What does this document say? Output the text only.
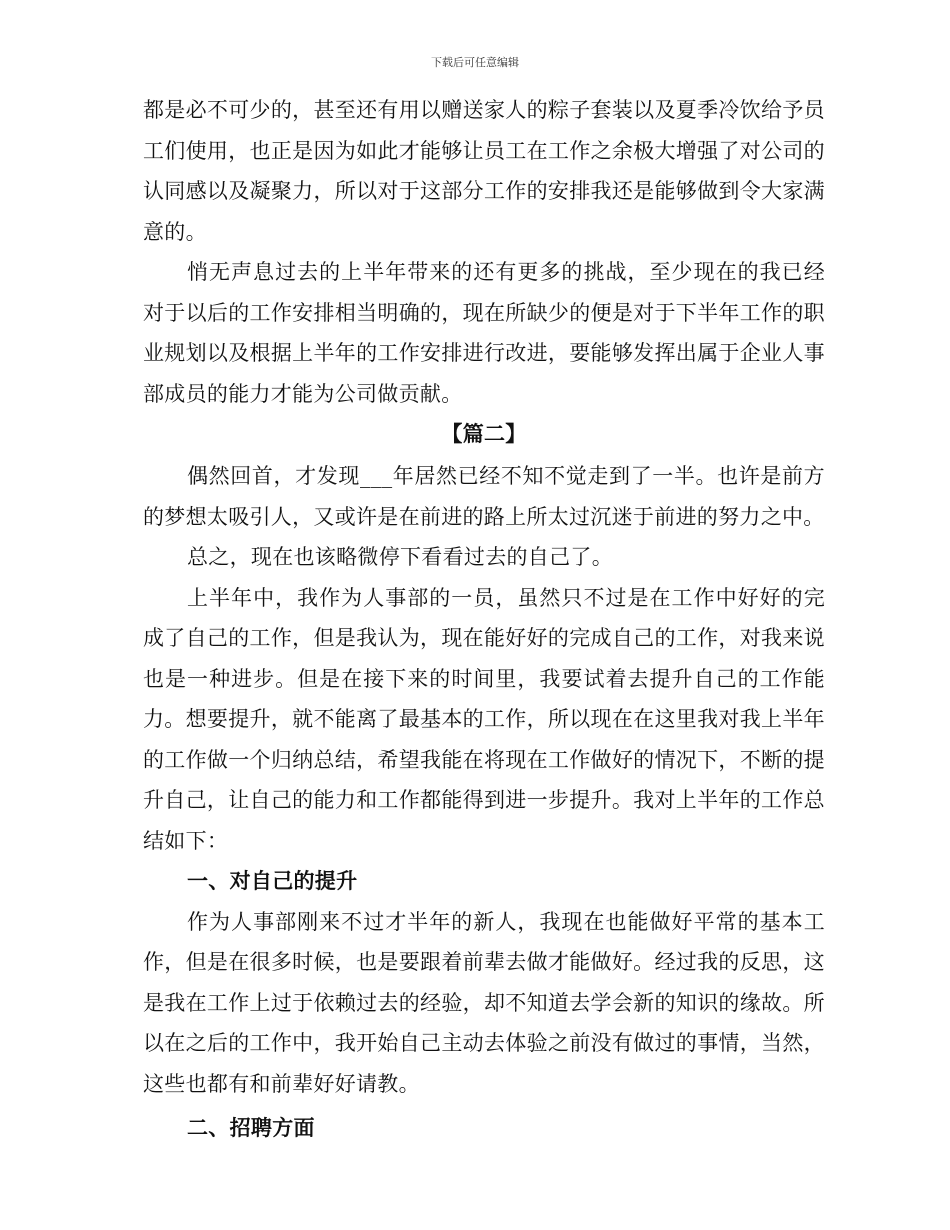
下载后可任意编辑

都是必不可少的，甚至还有用以赠送家人的粽子套装以及夏季冷饮给予员工们使用，也正是因为如此才能够让员工在工作之余极大增强了对公司的认同感以及凝聚力，所以对于这部分工作的安排我还是能够做到令大家满意的。

悄无声息过去的上半年带来的还有更多的挑战，至少现在的我已经对于以后的工作安排相当明确的，现在所缺少的便是对于下半年工作的职业规划以及根据上半年的工作安排进行改进，要能够发挥出属于企业人事部成员的能力才能为公司做贡献。

【篇二】

偶然回首，才发现___年居然已经不知不觉走到了一半。也许是前方的梦想太吸引人，又或许是在前进的路上所太过沉迷于前进的努力之中。

总之，现在也该略微停下看看过去的自己了。

上半年中，我作为人事部的一员，虽然只不过是在工作中好好的完成了自己的工作，但是我认为，现在能好好的完成自己的工作，对我来说也是一种进步。但是在接下来的时间里，我要试着去提升自己的工作能力。想要提升，就不能离了最基本的工作，所以现在在这里我对我上半年的工作做一个归纳总结，希望我能在将现在工作做好的情况下，不断的提升自己，让自己的能力和工作都能得到进一步提升。我对上半年的工作总结如下：

一、对自己的提升

作为人事部刚来不过才半年的新人，我现在也能做好平常的基本工作，但是在很多时候，也是要跟着前辈去做才能做好。经过我的反思，这是我在工作上过于依赖过去的经验，却不知道去学会新的知识的缘故。所以在之后的工作中，我开始自己主动去体验之前没有做过的事情，当然，这些也都有和前辈好好请教。

二、招聘方面
